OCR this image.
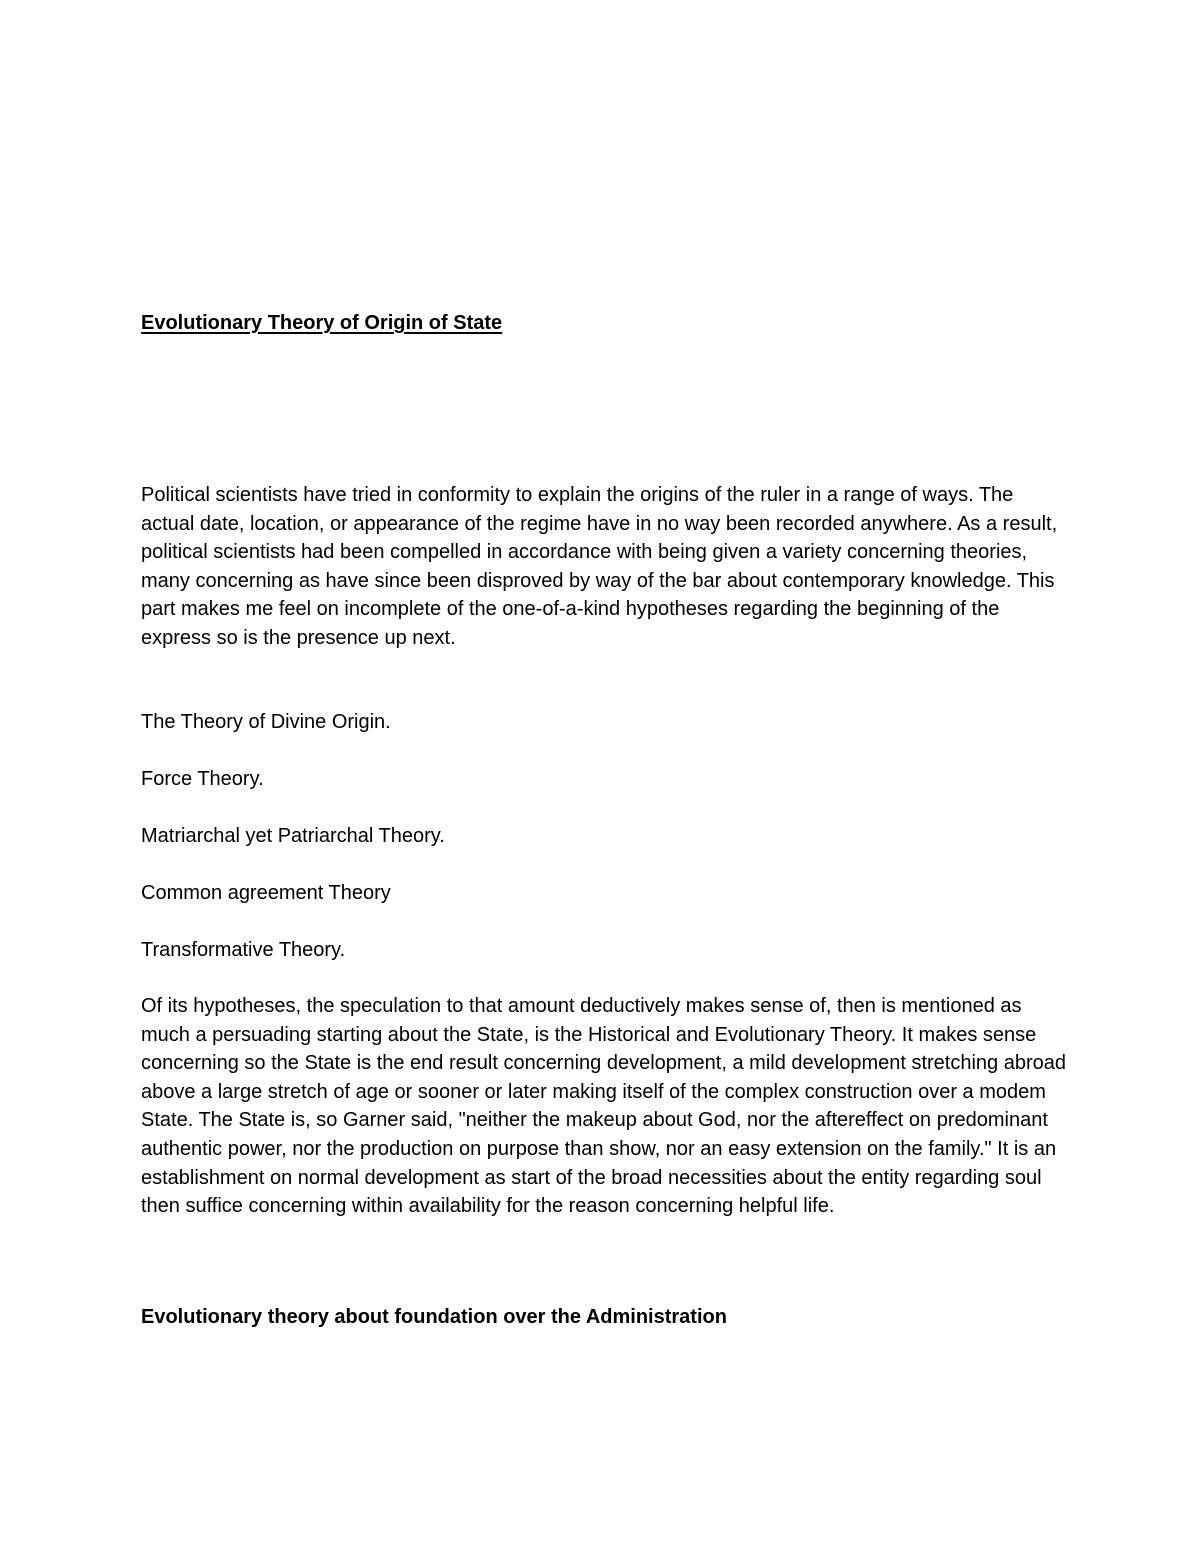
Evolutionary Theory of Origin of State

Political scientists have tried in conformity to explain the origins of the ruler in a range of ways. The actual date, location, or appearance of the regime have in no way been recorded anywhere. As a result, political scientists had been compelled in accordance with being given a variety concerning theories, many concerning as have since been disproved by way of the bar about contemporary knowledge. This part makes me feel on incomplete of the one-of-a-kind hypotheses regarding the beginning of the express so is the presence up next.

The Theory of Divine Origin.

Force Theory.

Matriarchal yet Patriarchal Theory.

Common agreement Theory

Transformative Theory.

Of its hypotheses, the speculation to that amount deductively makes sense of, then is mentioned as much a persuading starting about the State, is the Historical and Evolutionary Theory. It makes sense concerning so the State is the end result concerning development, a mild development stretching abroad above a large stretch of age or sooner or later making itself of the complex construction over a modem State. The State is, so Garner said, "neither the makeup about God, nor the aftereffect on predominant authentic power, nor the production on purpose than show, nor an easy extension on the family." It is an establishment on normal development as start of the broad necessities about the entity regarding soul then suffice concerning within availability for the reason concerning helpful life.

Evolutionary theory about foundation over the Administration
